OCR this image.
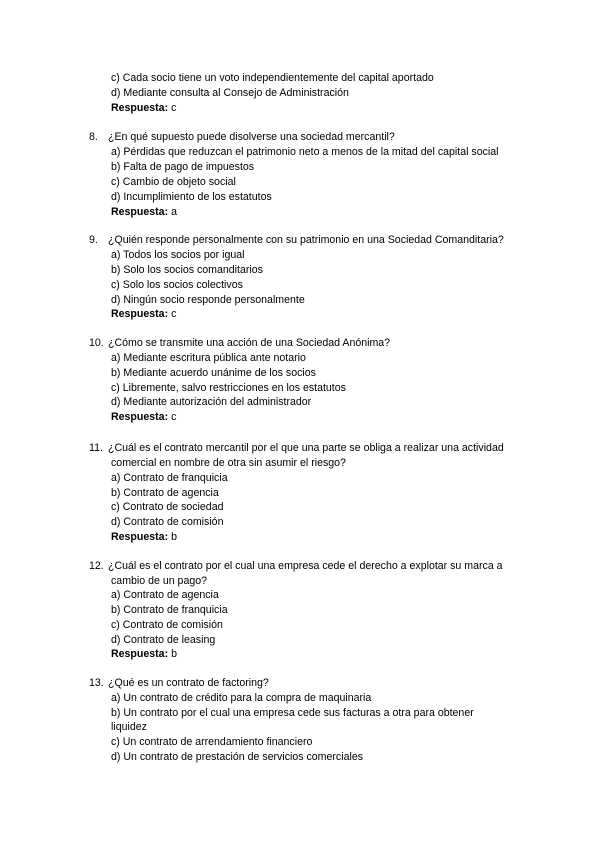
c) Cada socio tiene un voto independientemente del capital aportado
d) Mediante consulta al Consejo de Administración
Respuesta: c
8. ¿En qué supuesto puede disolverse una sociedad mercantil?
a) Pérdidas que reduzcan el patrimonio neto a menos de la mitad del capital social
b) Falta de pago de impuestos
c) Cambio de objeto social
d) Incumplimiento de los estatutos
Respuesta: a
9. ¿Quién responde personalmente con su patrimonio en una Sociedad Comanditaria?
a) Todos los socios por igual
b) Solo los socios comanditarios
c) Solo los socios colectivos
d) Ningún socio responde personalmente
Respuesta: c
10. ¿Cómo se transmite una acción de una Sociedad Anónima?
a) Mediante escritura pública ante notario
b) Mediante acuerdo unánime de los socios
c) Libremente, salvo restricciones en los estatutos
d) Mediante autorización del administrador
Respuesta: c
11. ¿Cuál es el contrato mercantil por el que una parte se obliga a realizar una actividad
comercial en nombre de otra sin asumir el riesgo?
a) Contrato de franquicia
b) Contrato de agencia
c) Contrato de sociedad
d) Contrato de comisión
Respuesta: b
12. ¿Cuál es el contrato por el cual una empresa cede el derecho a explotar su marca a
cambio de un pago?
a) Contrato de agencia
b) Contrato de franquicia
c) Contrato de comisión
d) Contrato de leasing
Respuesta: b
13. ¿Qué es un contrato de factoring?
a) Un contrato de crédito para la compra de maquinaria
b) Un contrato por el cual una empresa cede sus facturas a otra para obtener
liquidez
c) Un contrato de arrendamiento financiero
d) Un contrato de prestación de servicios comerciales
